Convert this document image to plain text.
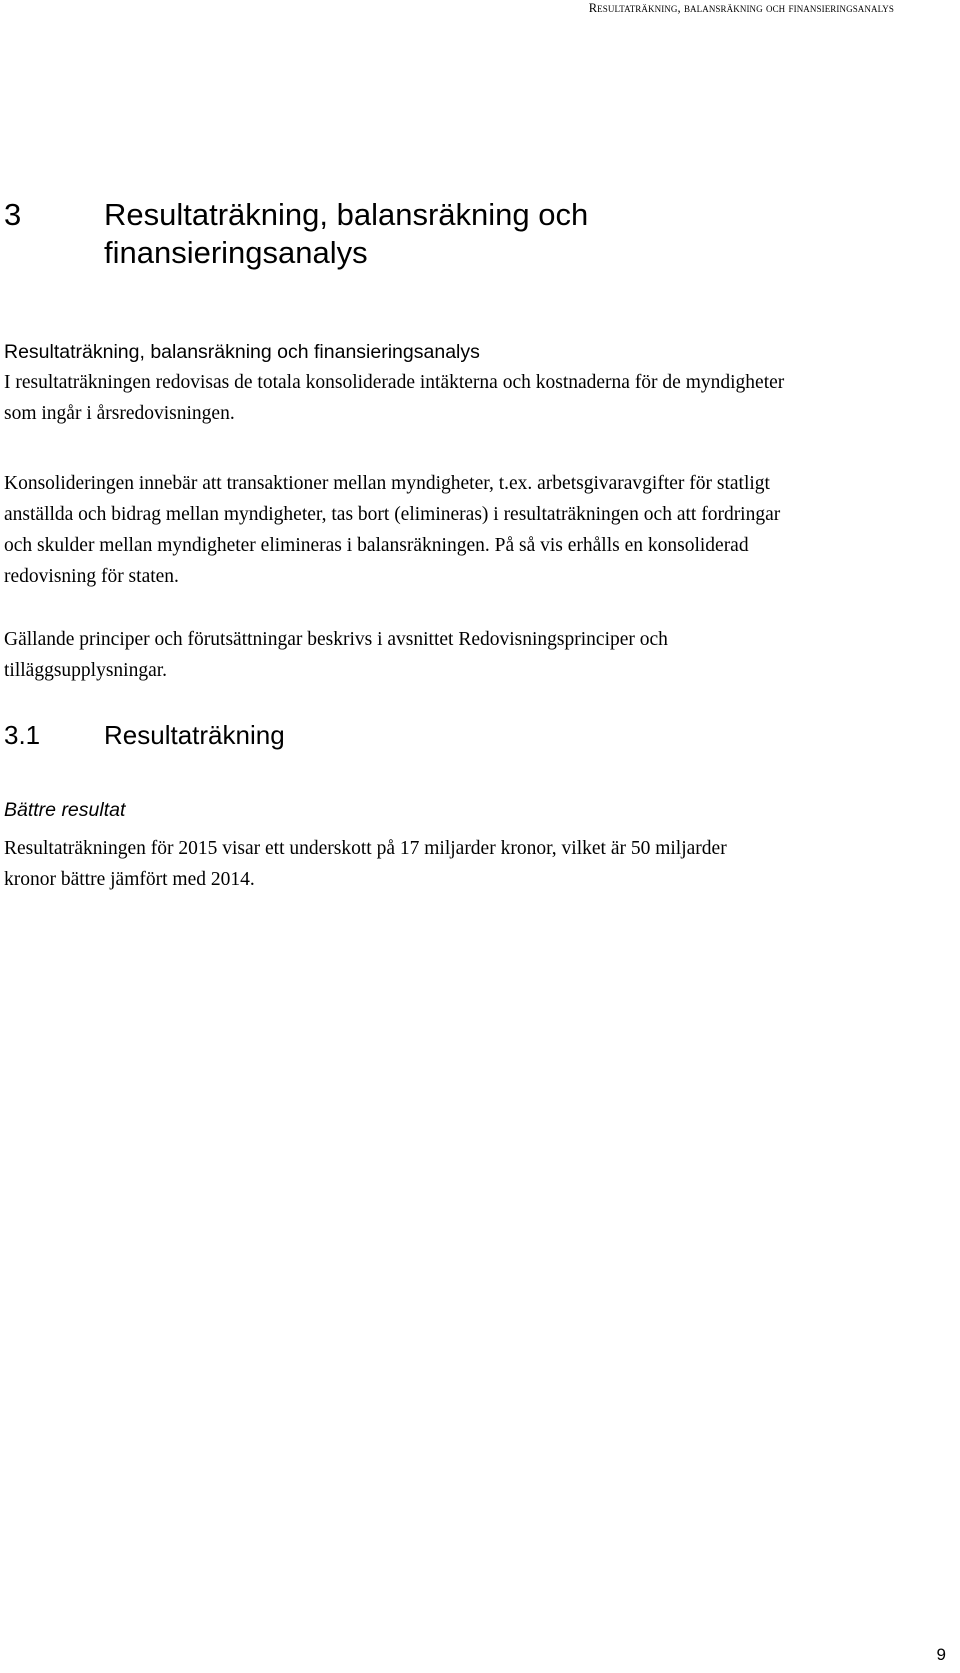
Resultaträkning, balansräkning och finansieringsanalys
3	Resultaträkning, balansräkning och finansieringsanalys
Resultaträkning, balansräkning och finansieringsanalys

I resultaträkningen redovisas de totala konsoliderade intäkterna och kostnaderna för de myndigheter som ingår i årsredovisningen.

Konsolideringen innebär att transaktioner mellan myndigheter, t.ex. arbetsgivaravgifter för statligt anställda och bidrag mellan myndigheter, tas bort (elimineras) i resultaträkningen och att fordringar och skulder mellan myndigheter elimineras i balansräkningen. På så vis erhålls en konsoliderad redovisning för staten.

Gällande principer och förutsättningar beskrivs i avsnittet Redovisningsprinciper och tilläggsupplysningar.

3.1 Resultaträkning
Bättre resultat

Resultaträkningen för 2015 visar ett underskott på 17 miljarder kronor, vilket är 50 miljarder kronor bättre jämfört med 2014.

9
